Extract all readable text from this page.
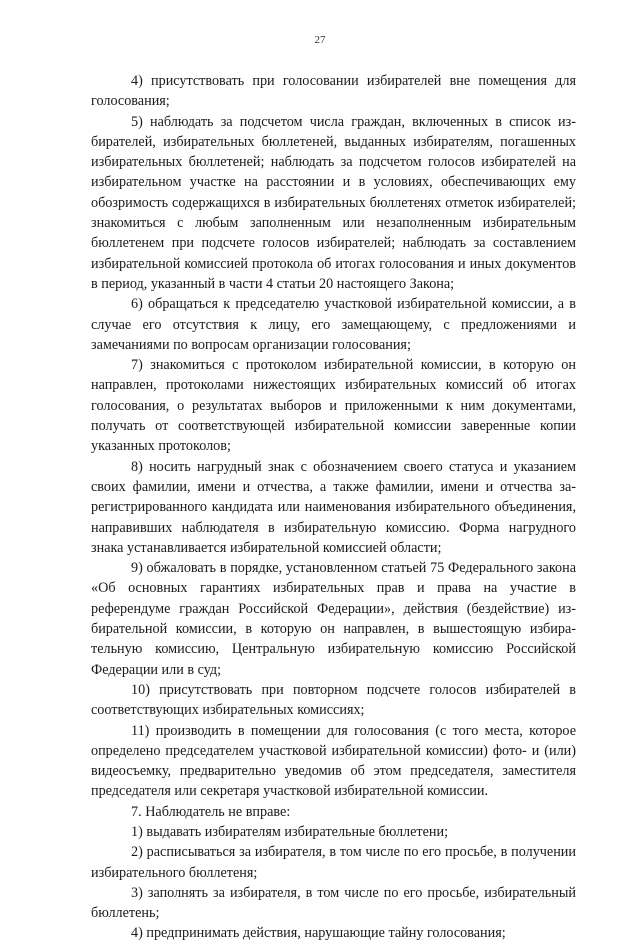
27

4) присутствовать при голосовании избирателей вне помещения для голосования;

5) наблюдать за подсчетом числа граждан, включенных в список избирателей, избирательных бюллетеней, выданных избирателям, погашенных избирательных бюллетеней; наблюдать за подсчетом голосов избирателей на избирательном участке на расстоянии и в условиях, обеспечивающих ему обозримость содержащихся в избирательных бюллетенях отметок избирателей; знакомиться с любым заполненным или незаполненным избирательным бюллетенем при подсчете голосов избирателей; наблюдать за составлением избирательной комиссией протокола об итогах голосования и иных документов в период, указанный в части 4 статьи 20 настоящего Закона;

6) обращаться к председателю участковой избирательной комиссии, а в случае его отсутствия к лицу, его замещающему, с предложениями и замечаниями по вопросам организации голосования;

7) знакомиться с протоколом избирательной комиссии, в которую он направлен, протоколами нижестоящих избирательных комиссий об итогах голосования, о результатах выборов и приложенными к ним документами, получать от соответствующей избирательной комиссии заверенные копии указанных протоколов;

8) носить нагрудный знак с обозначением своего статуса и указанием своих фамилии, имени и отчества, а также фамилии, имени и отчества зарегистрированного кандидата или наименования избирательного объединения, направивших наблюдателя в избирательную комиссию. Форма нагрудного знака устанавливается избирательной комиссией области;

9) обжаловать в порядке, установленном статьей 75 Федерального закона «Об основных гарантиях избирательных прав и права на участие в референдуме граждан Российской Федерации», действия (бездействие) избирательной комиссии, в которую он направлен, в вышестоящую избирательную комиссию, Центральную избирательную комиссию Российской Федерации или в суд;

10) присутствовать при повторном подсчете голосов избирателей в соответствующих избирательных комиссиях;

11) производить в помещении для голосования (с того места, которое определено председателем участковой избирательной комиссии) фото- и (или) видеосъемку, предварительно уведомив об этом председателя, заместителя председателя или секретаря участковой избирательной комиссии.

7. Наблюдатель не вправе:

1) выдавать избирателям избирательные бюллетени;

2) расписываться за избирателя, в том числе по его просьбе, в получении избирательного бюллетеня;

3) заполнять за избирателя, в том числе по его просьбе, избирательный бюллетень;

4) предпринимать действия, нарушающие тайну голосования;
